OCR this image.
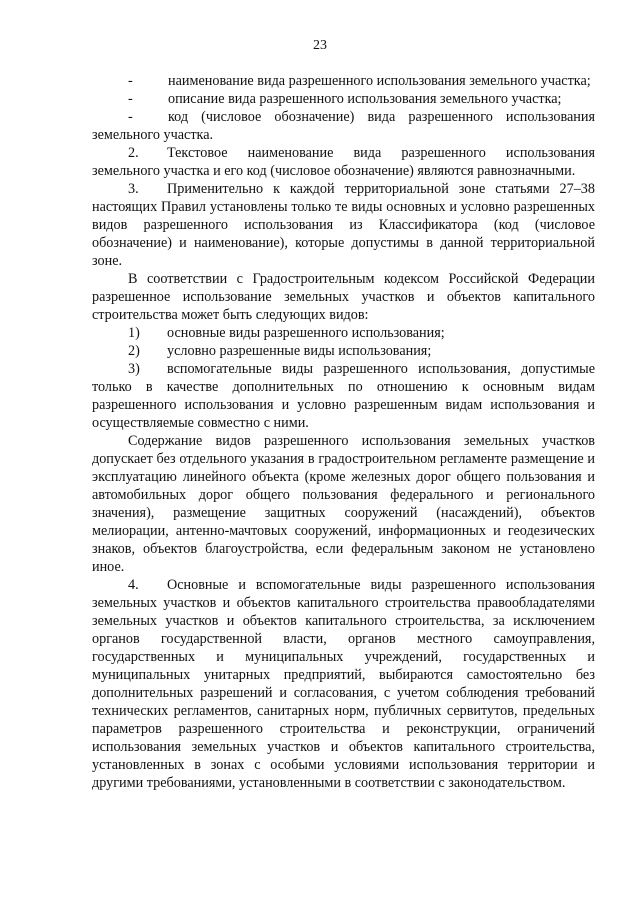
23

- наименование вида разрешенного использования земельного участка;

- описание вида разрешенного использования земельного участка;

- код (числовое обозначение) вида разрешенного использования земельного участка.

2. Текстовое наименование вида разрешенного использования земельного участка и его код (числовое обозначение) являются равнозначными.

3. Применительно к каждой территориальной зоне статьями 27–38 настоящих Правил установлены только те виды основных и условно разрешенных видов разрешенного использования из Классификатора (код (числовое обозначение) и наименование), которые допустимы в данной территориальной зоне.

В соответствии с Градостроительным кодексом Российской Федерации разрешенное использование земельных участков и объектов капитального строительства может быть следующих видов:

1) основные виды разрешенного использования;

2) условно разрешенные виды использования;

3) вспомогательные виды разрешенного использования, допустимые только в качестве дополнительных по отношению к основным видам разрешенного использования и условно разрешенным видам использования и осуществляемые совместно с ними.

Содержание видов разрешенного использования земельных участков допускает без отдельного указания в градостроительном регламенте размещение и эксплуатацию линейного объекта (кроме железных дорог общего пользования и автомобильных дорог общего пользования федерального и регионального значения), размещение защитных сооружений (насаждений), объектов мелиорации, антенно-мачтовых сооружений, информационных и геодезических знаков, объектов благоустройства, если федеральным законом не установлено иное.

4. Основные и вспомогательные виды разрешенного использования земельных участков и объектов капитального строительства правообладателями земельных участков и объектов капитального строительства, за исключением органов государственной власти, органов местного самоуправления, государственных и муниципальных учреждений, государственных и муниципальных унитарных предприятий, выбираются самостоятельно без дополнительных разрешений и согласования, с учетом соблюдения требований технических регламентов, санитарных норм, публичных сервитутов, предельных параметров разрешенного строительства и реконструкции, ограничений использования земельных участков и объектов капитального строительства, установленных в зонах с особыми условиями использования территории и другими требованиями, установленными в соответствии с законодательством.
